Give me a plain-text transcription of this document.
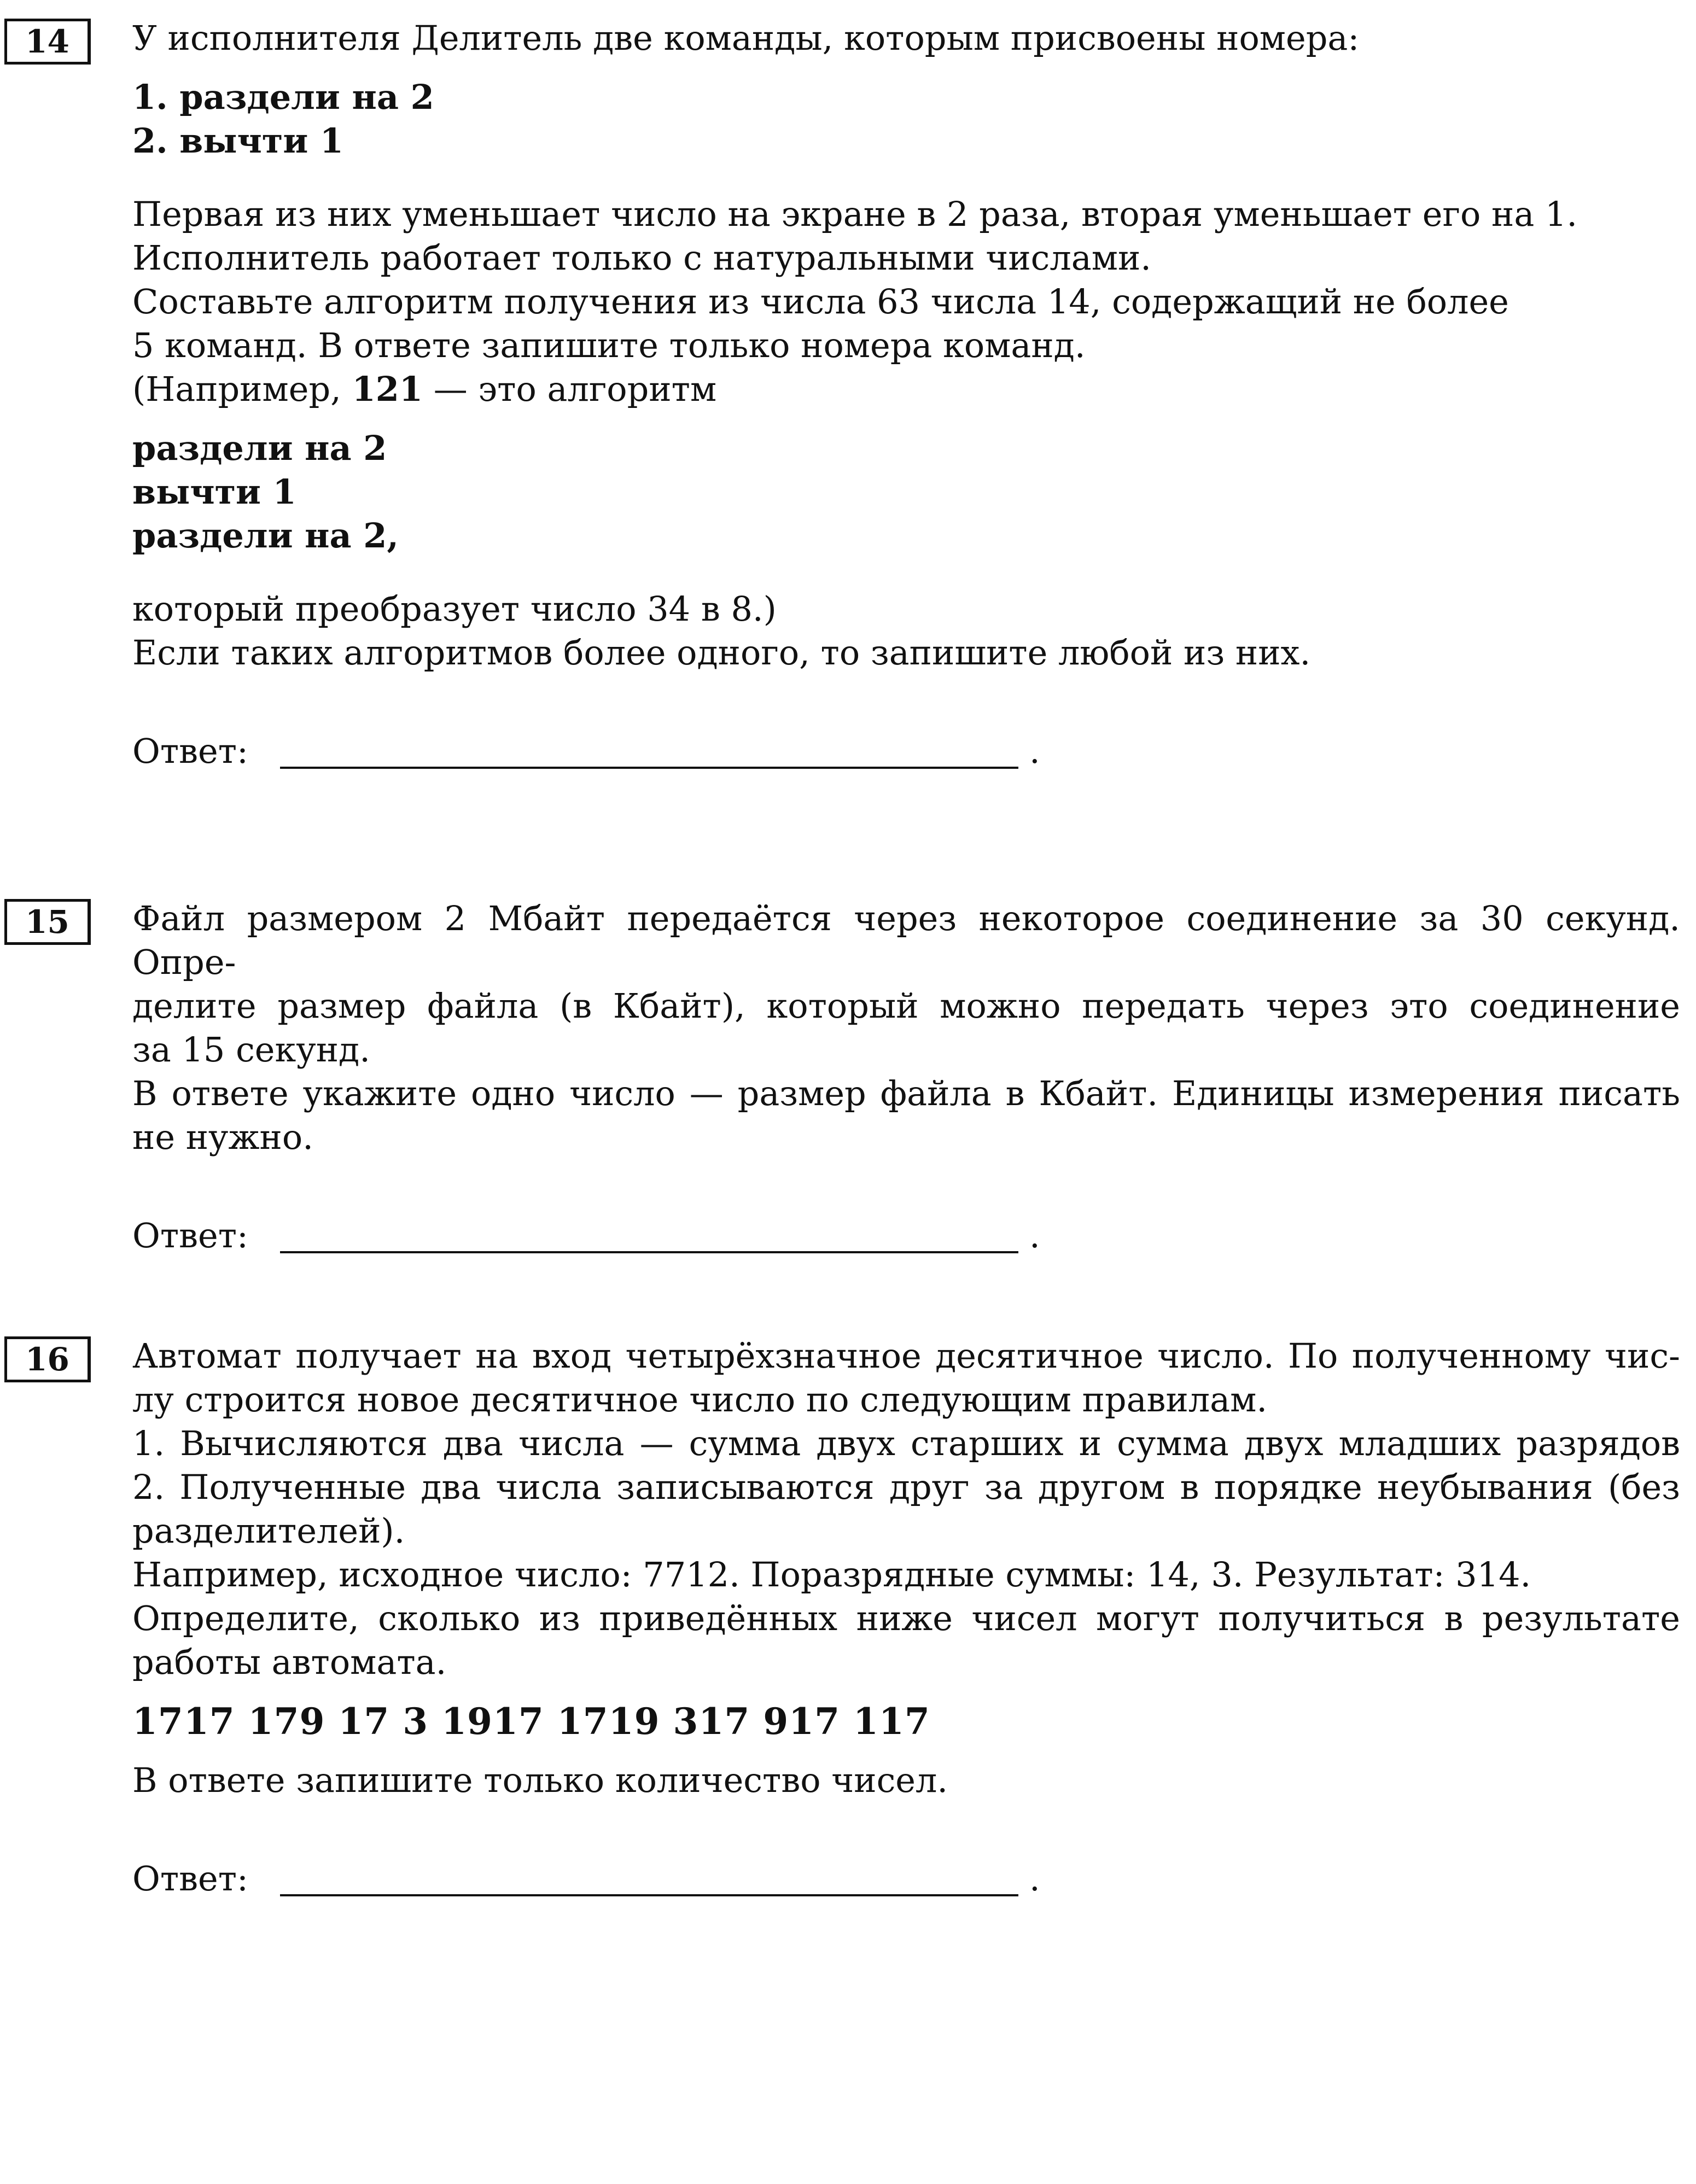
14	У исполнителя Делитель две команды, которым присвоены номера:
1. раздели на 2
2. вычти 1
Первая из них уменьшает число на экране в 2 раза, вторая уменьшает его на 1.
Исполнитель работает только с натуральными числами.
Составьте алгоритм получения из числа 63 числа 14, содержащий не более
5 команд. В ответе запишите только номера команд.
(Например, 121 — это алгоритм
раздели на 2
вычти 1
раздели на 2,
который преобразует число 34 в 8.)
Если таких алгоритмов более одного, то запишите любой из них.
Ответ:	.
15	Файл размером 2 Мбайт передаётся через некоторое соединение за 30 секунд. Опре-
делите размер файла (в Кбайт), который можно передать через это соединение
за 15 секунд.
В ответе укажите одно число — размер файла в Кбайт. Единицы измерения писать
не нужно.
Ответ:	.
16	Автомат получает на вход четырёхзначное десятичное число. По полученному чис-
лу строится новое десятичное число по следующим правилам.
1. Вычисляются два числа — сумма двух старших и сумма двух младших разрядов
2. Полученные два числа записываются друг за другом в порядке неубывания (без
разделителей).
Например, исходное число: 7712. Поразрядные суммы: 14, 3. Результат: 314.
Определите, сколько из приведённых ниже чисел могут получиться в результате
работы автомата.
1717 179 17 3 1917 1719 317 917 117
В ответе запишите только количество чисел.
Ответ:	.
